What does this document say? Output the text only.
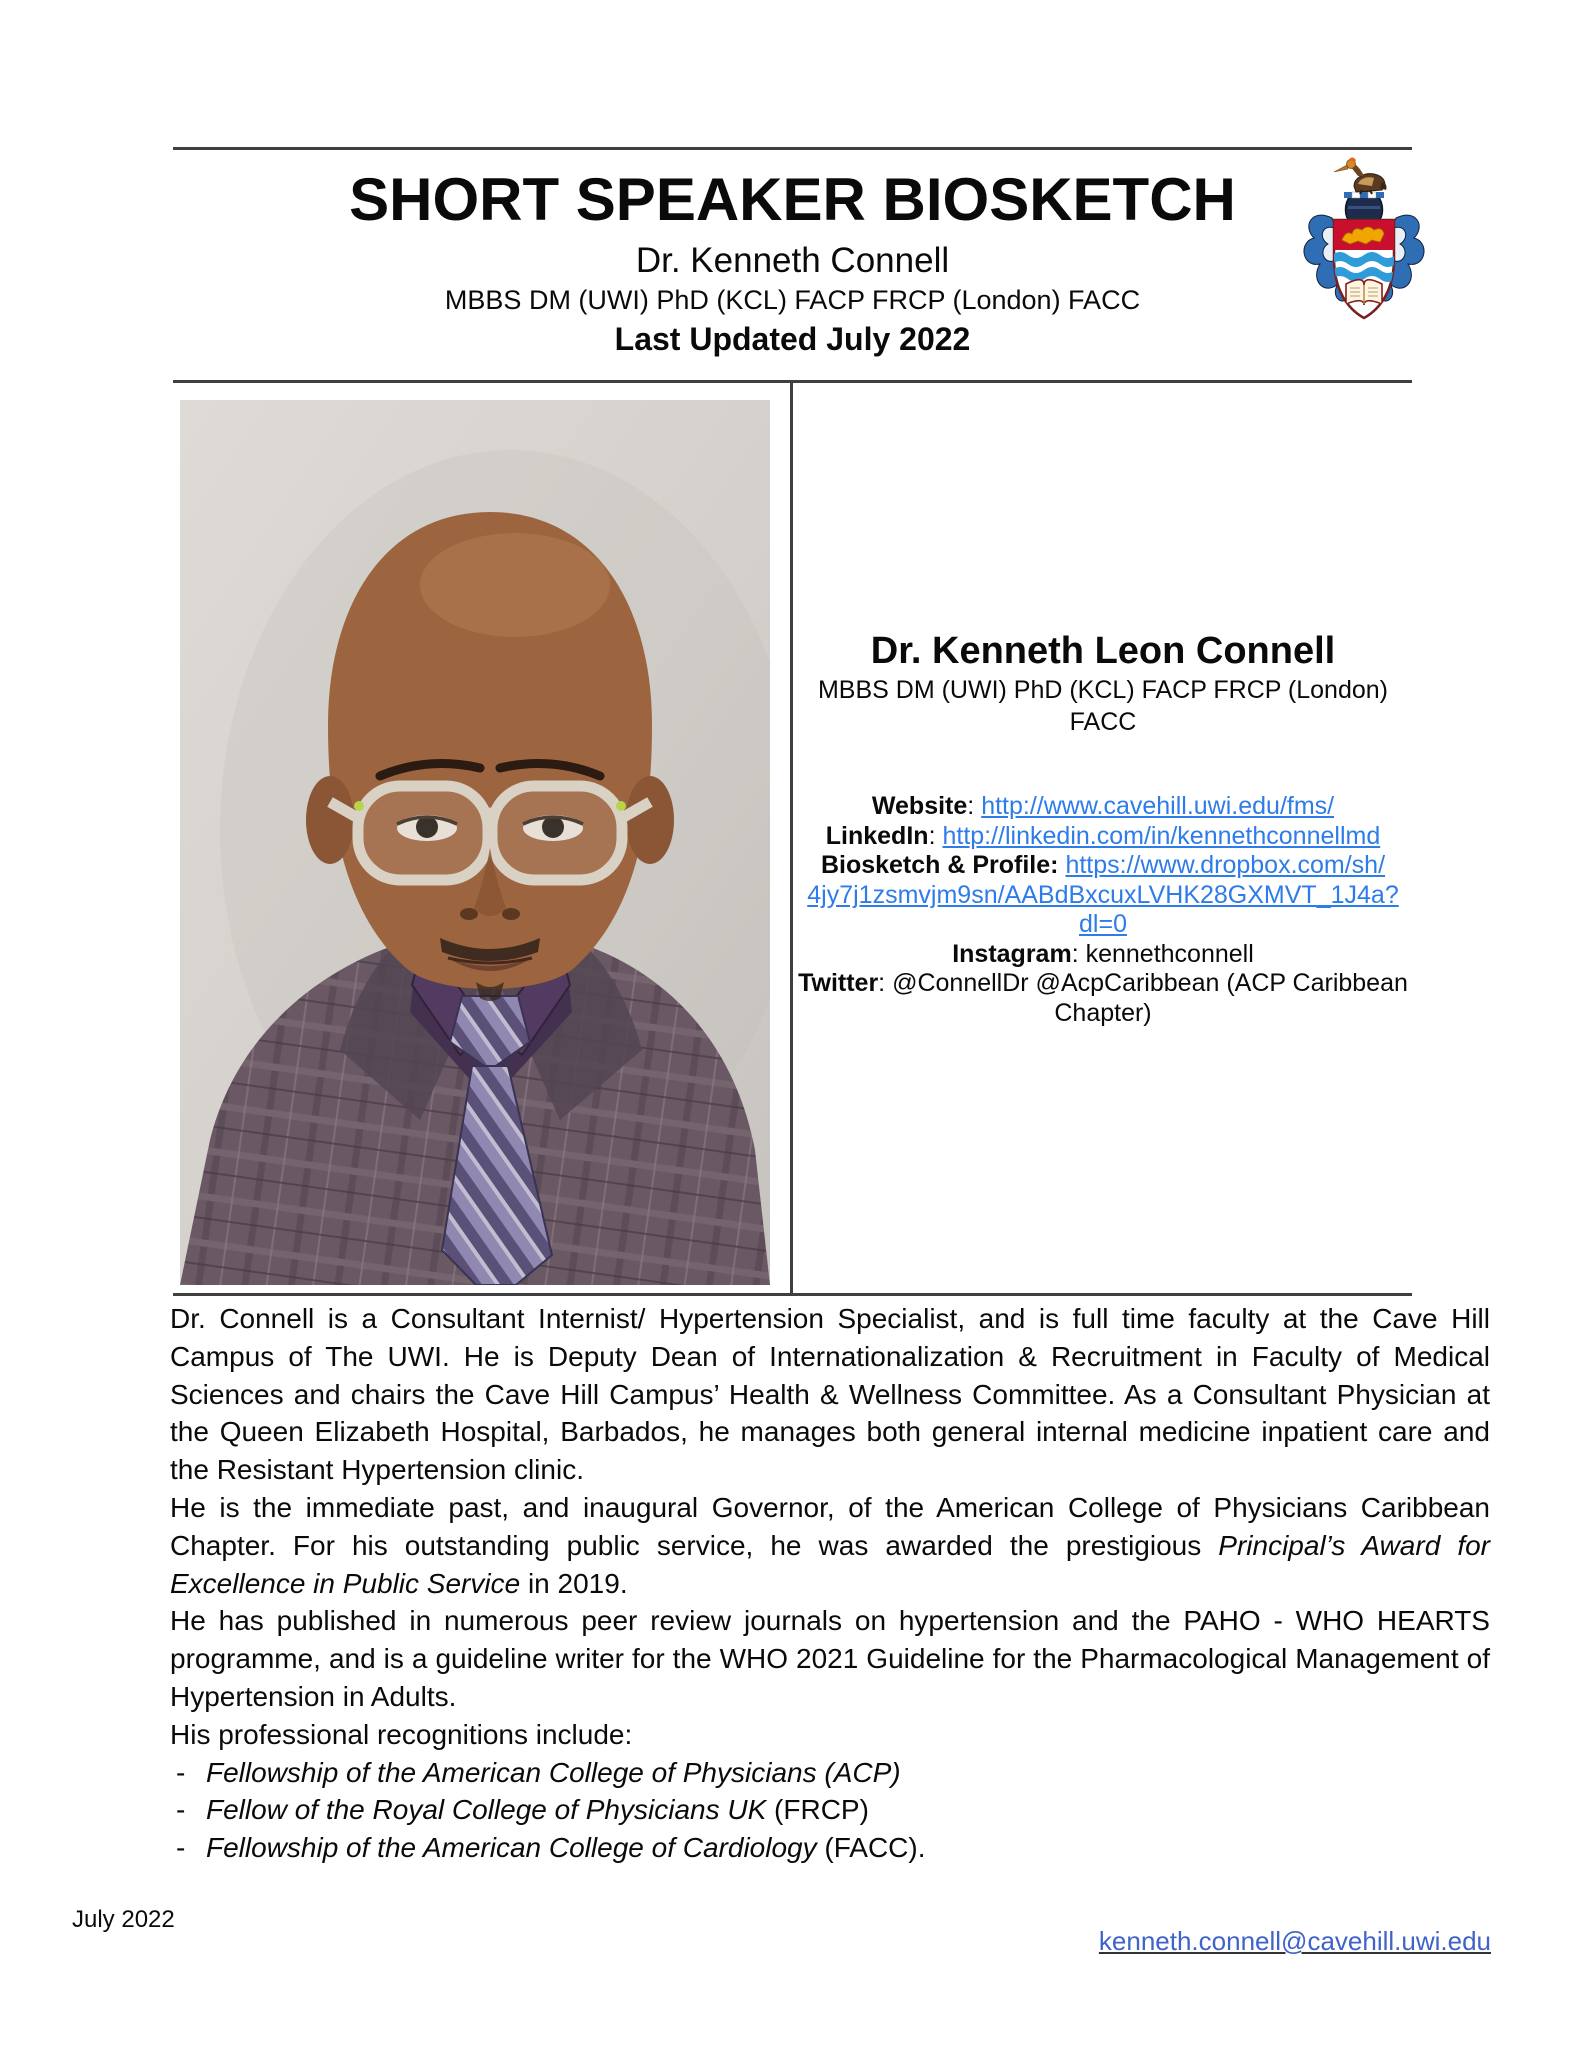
SHORT SPEAKER BIOSKETCH
Dr. Kenneth Connell
MBBS DM (UWI) PhD (KCL) FACP FRCP (London) FACC
Last Updated July 2022
Dr. Kenneth Leon Connell
MBBS DM (UWI) PhD (KCL) FACP FRCP (London) FACC
Website: http://www.cavehill.uwi.edu/fms/
LinkedIn: http://linkedin.com/in/kennethconnellmd
Biosketch & Profile: https://www.dropbox.com/sh/
4jy7j1zsmvjm9sn/AABdBxcuxLVHK28GXMVT_1J4a?dl=0
Instagram: kennethconnell
Twitter: @ConnellDr @AcpCaribbean (ACP Caribbean Chapter)

Dr. Connell is a Consultant Internist/ Hypertension Specialist, and is full time faculty at the Cave Hill Campus of The UWI. He is Deputy Dean of Internationalization & Recruitment in Faculty of Medical Sciences and chairs the Cave Hill Campus’ Health & Wellness Committee. As a Consultant Physician at the Queen Elizabeth Hospital, Barbados, he manages both general internal medicine inpatient care and the Resistant Hypertension clinic.

He is the immediate past, and inaugural Governor, of the American College of Physicians Caribbean Chapter. For his outstanding public service, he was awarded the prestigious Principal’s Award for Excellence in Public Service in 2019.

He has published in numerous peer review journals on hypertension and the PAHO - WHO HEARTS programme, and is a guideline writer for the WHO 2021 Guideline for the Pharmacological Management of Hypertension in Adults.

His professional recognitions include:

- Fellowship of the American College of Physicians (ACP)
- Fellow of the Royal College of Physicians UK (FRCP)
- Fellowship of the American College of Cardiology (FACC).
July 2022
kenneth.connell@cavehill.uwi.edu
